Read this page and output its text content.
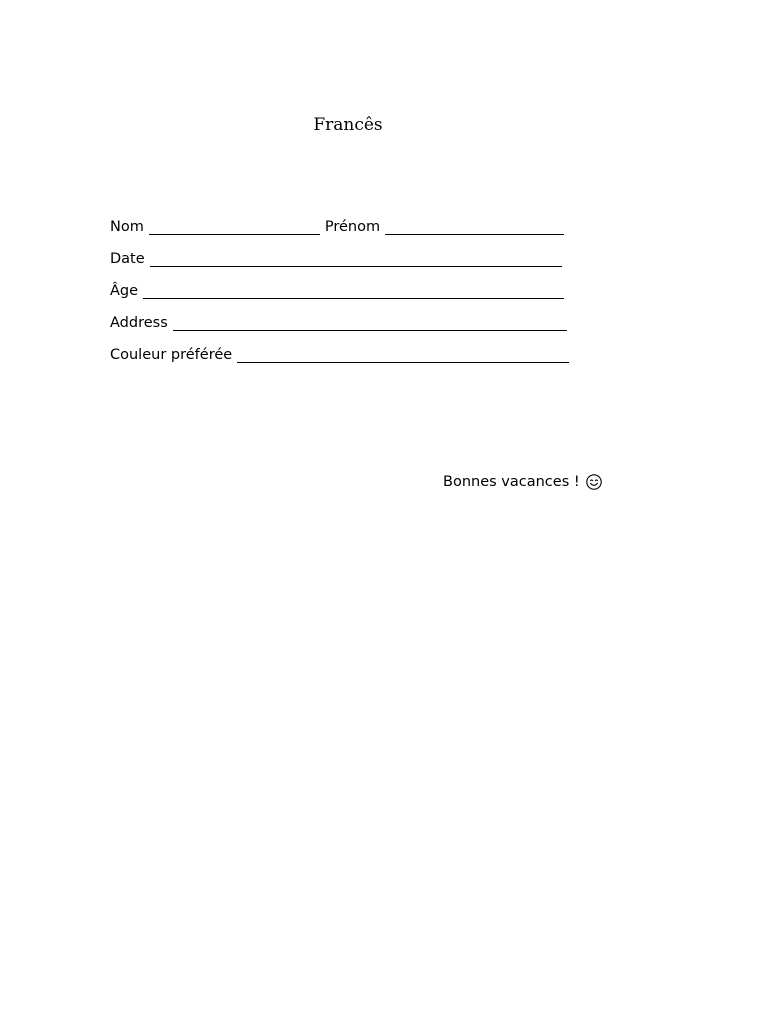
Francês
Nom	Prénom
Date
Âge
Address
Couleur préférée
Bonnes vacances !
